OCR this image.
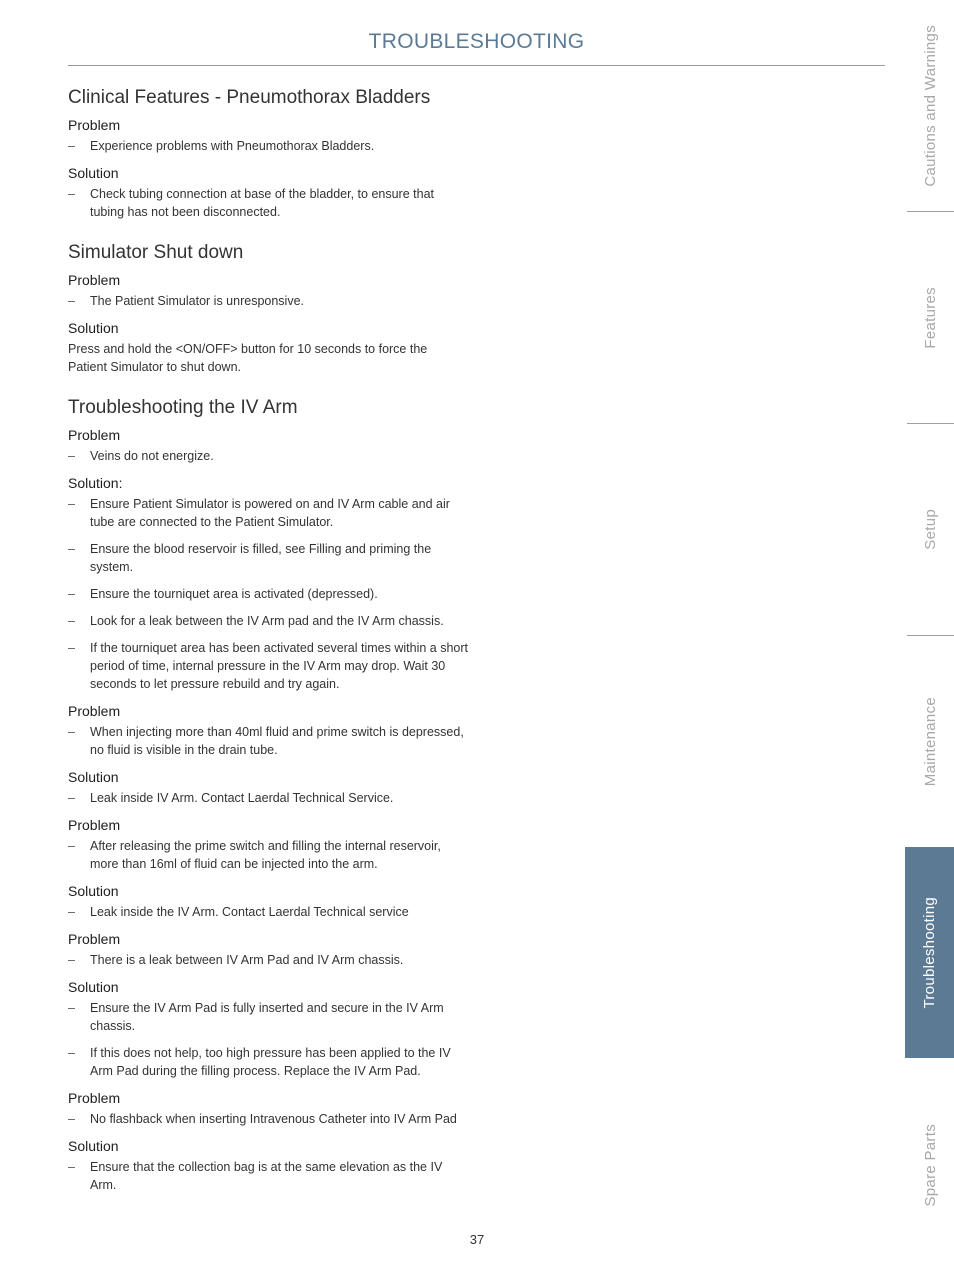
TROUBLESHOOTING
Clinical Features - Pneumothorax Bladders
Problem
– Experience problems with Pneumothorax Bladders.
Solution
– Check tubing connection at base of the bladder, to ensure that tubing has not been disconnected.
Simulator Shut down
Problem
– The Patient Simulator is unresponsive.
Solution
Press and hold the <ON/OFF> button for 10 seconds to force the Patient Simulator to shut down.
Troubleshooting the IV Arm
Problem
– Veins do not energize.
Solution:
– Ensure Patient Simulator is powered on and IV Arm cable and air tube are connected to the Patient Simulator.
– Ensure the blood reservoir is filled, see Filling and priming the system.
– Ensure the tourniquet area is activated (depressed).
– Look for a leak between the IV Arm pad and the IV Arm chassis.
– If the tourniquet area has been activated several times within a short period of time, internal pressure in the IV Arm may drop. Wait 30 seconds to let pressure rebuild and try again.
Problem
– When injecting more than 40ml fluid and prime switch is depressed, no fluid is visible in the drain tube.
Solution
– Leak inside IV Arm. Contact Laerdal Technical Service.
Problem
– After releasing the prime switch and filling the internal reservoir, more than 16ml of fluid can be injected into the arm.
Solution
– Leak inside the IV Arm. Contact Laerdal Technical service
Problem
– There is a leak between IV Arm Pad and IV Arm chassis.
Solution
– Ensure the IV Arm Pad is fully inserted and secure in the IV Arm chassis.
– If this does not help, too high pressure has been applied to the IV Arm Pad during the filling process. Replace the IV Arm Pad.
Problem
– No flashback when inserting Intravenous Catheter into IV Arm Pad
Solution
– Ensure that the collection bag is at the same elevation as the IV Arm.
Cautions and Warnings
Features
Setup
Maintenance
Troubleshooting
Spare Parts
37
